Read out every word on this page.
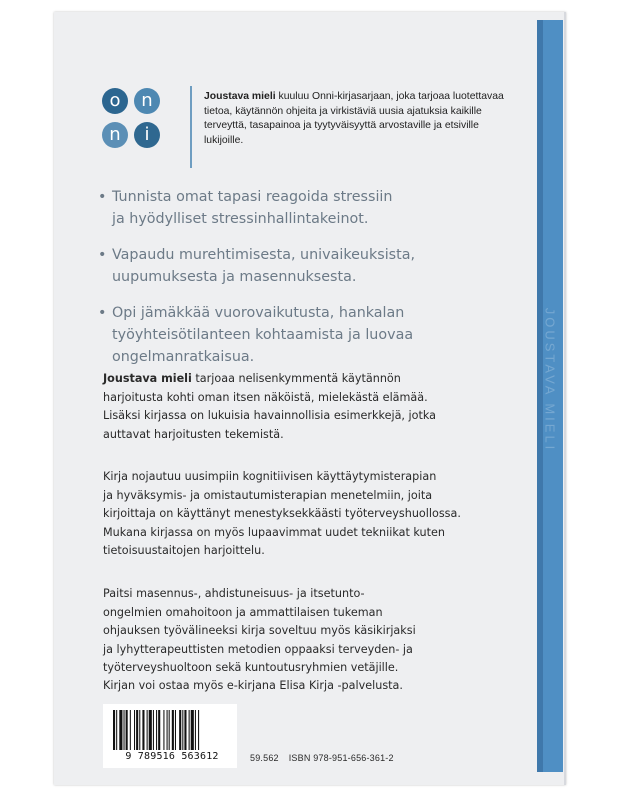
o	n
n	i
Joustava mieli kuuluu Onni-kirjasarjaan, joka tarjoaa luotettavaa tietoa, käytännön ohjeita ja virkistäviä uusia ajatuksia kaikille terveyttä, tasapainoa ja tyytyväisyyttä arvostaville ja etsiville lukijoille.
• Tunnista omat tapasi reagoida stressiin
ja hyödylliset stressinhallintakeinot.
• Vapaudu murehtimisesta, univaikeuksista,
uupumuksesta ja masennuksesta.
• Opi jämäkkää vuorovaikutusta, hankalan
työyhteisötilanteen kohtaamista ja luovaa
ongelmanratkaisua.
Joustava mieli tarjoaa nelisenkymmentä käytännön
harjoitusta kohti oman itsen näköistä, mielekästä elämää.
Lisäksi kirjassa on lukuisia havainnollisia esimerkkejä, jotka
auttavat harjoitusten tekemistä.
Kirja nojautuu uusimpiin kognitiivisen käyttäytymisterapian
ja hyväksymis- ja omistautumisterapian menetelmiin, joita
kirjoittaja on käyttänyt menestyksekkäästi työterveyshuollossa.
Mukana kirjassa on myös lupaavimmat uudet tekniikat kuten
tietoisuustaitojen harjoittelu.
Paitsi masennus-, ahdistuneisuus- ja itsetunto-
ongelmien omahoitoon ja ammattilaisen tukeman
ohjauksen työvälineeksi kirja soveltuu myös käsikirjaksi
ja lyhytterapeuttisten metodien oppaaksi terveyden- ja
työterveyshuoltoon sekä kuntoutusryhmien vetäjille.
Kirjan voi ostaa myös e-kirjana Elisa Kirja -palvelusta.
9 789516 563612	59.562 ISBN 978-951-656-361-2
JOUSTAVA MIELI
